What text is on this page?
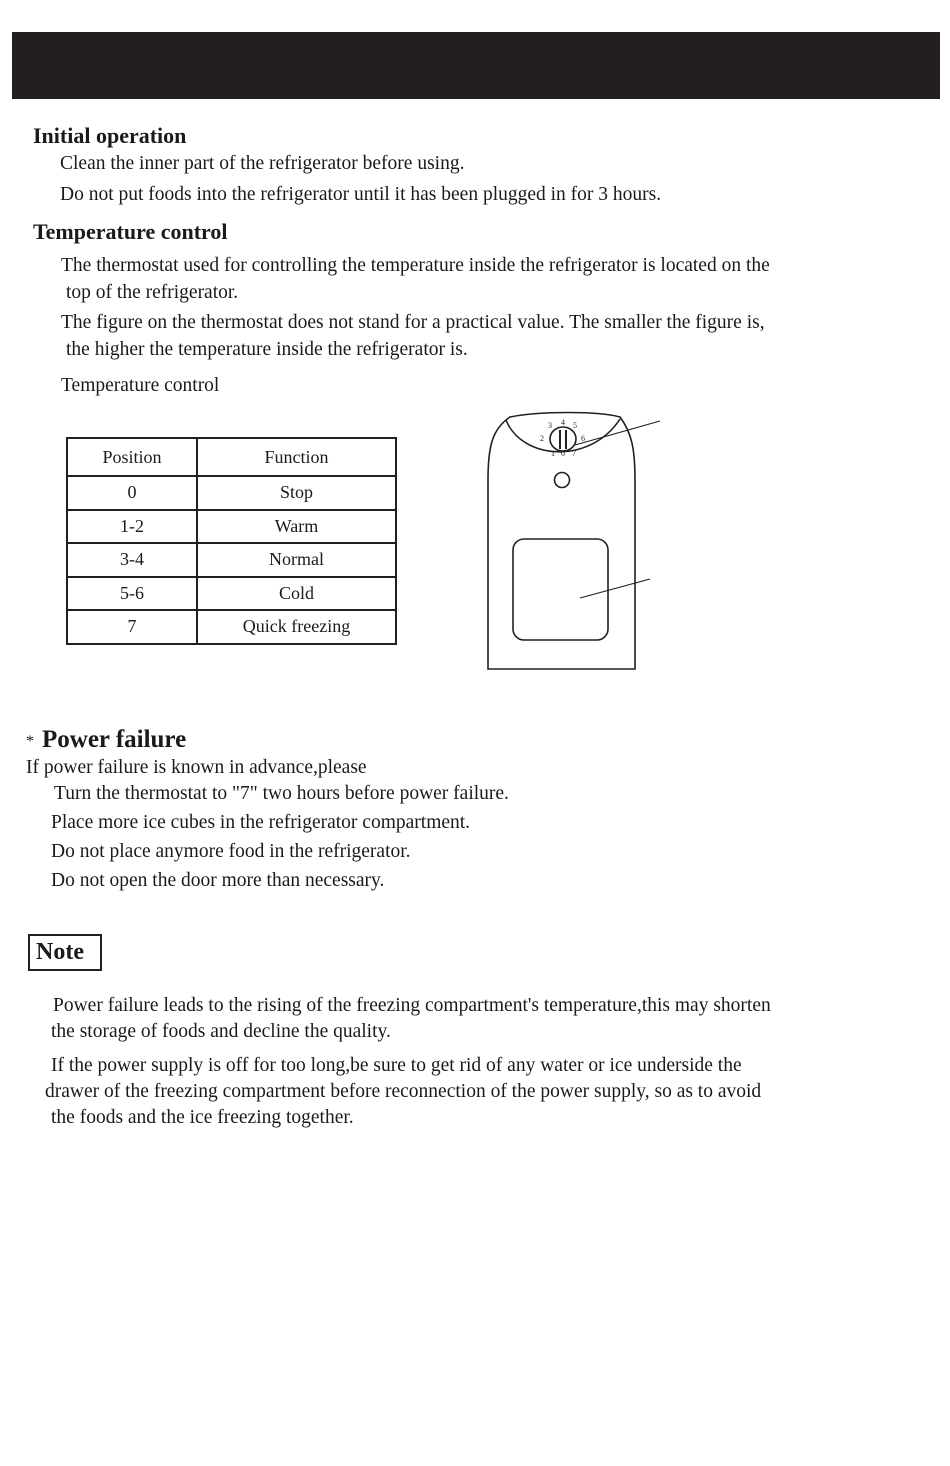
Initial operation
Clean the inner part of the refrigerator before using.
Do not put foods into the refrigerator until it has been plugged in for 3 hours.
Temperature control
The thermostat used for controlling the temperature inside the refrigerator is located on the
top of the refrigerator.
The figure on the thermostat does not stand for a practical value. The smaller the figure is,
the higher the temperature inside the refrigerator is.
Temperature control
Position	Function
0	Stop
1-2	Warm
3-4	Normal
5-6	Cold
7	Quick freezing
3 4 5
2	6
1 0 7
* Power failure
If power failure is known in advance,please
Turn the thermostat to "7" two hours before power failure.
Place more ice cubes in the refrigerator compartment.
Do not place anymore food in the refrigerator.
Do not open the door more than necessary.
Note
Power failure leads to the rising of the freezing compartment's temperature,this may shorten
the storage of foods and decline the quality.
If the power supply is off for too long,be sure to get rid of any water or ice underside the
drawer of the freezing compartment before reconnection of the power supply, so as to avoid
the foods and the ice freezing together.
